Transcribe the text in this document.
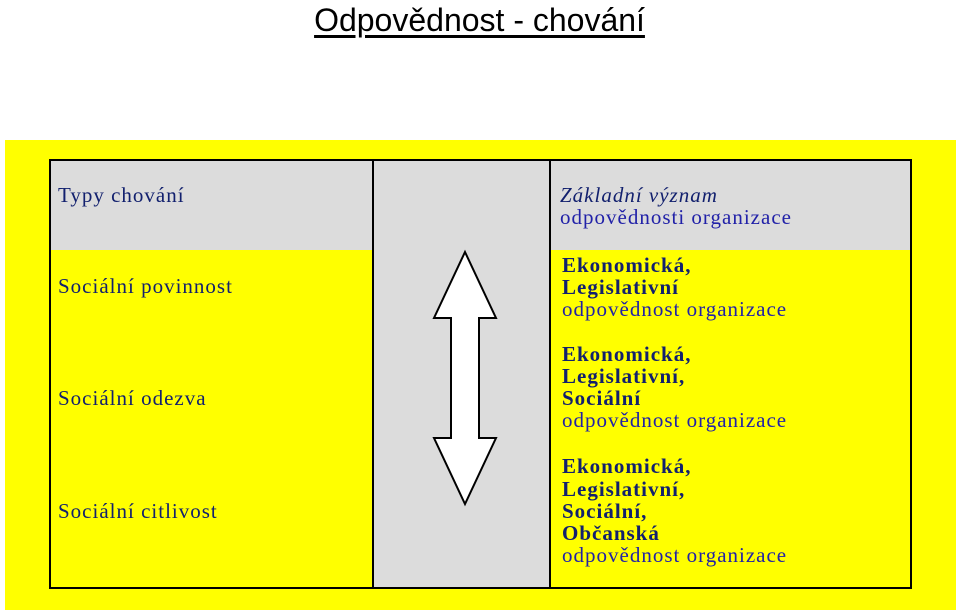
Odpovědnost - chování
Typy chování	Základní význam
odpovědnosti organizace
Sociální povinnost
Sociální odezva
Sociální citlivost
Ekonomická,
Legislativní
odpovědnost organizace
Ekonomická,
Legislativní,
Sociální
odpovědnost organizace
Ekonomická,
Legislativní,
Sociální,
Občanská
odpovědnost organizace
